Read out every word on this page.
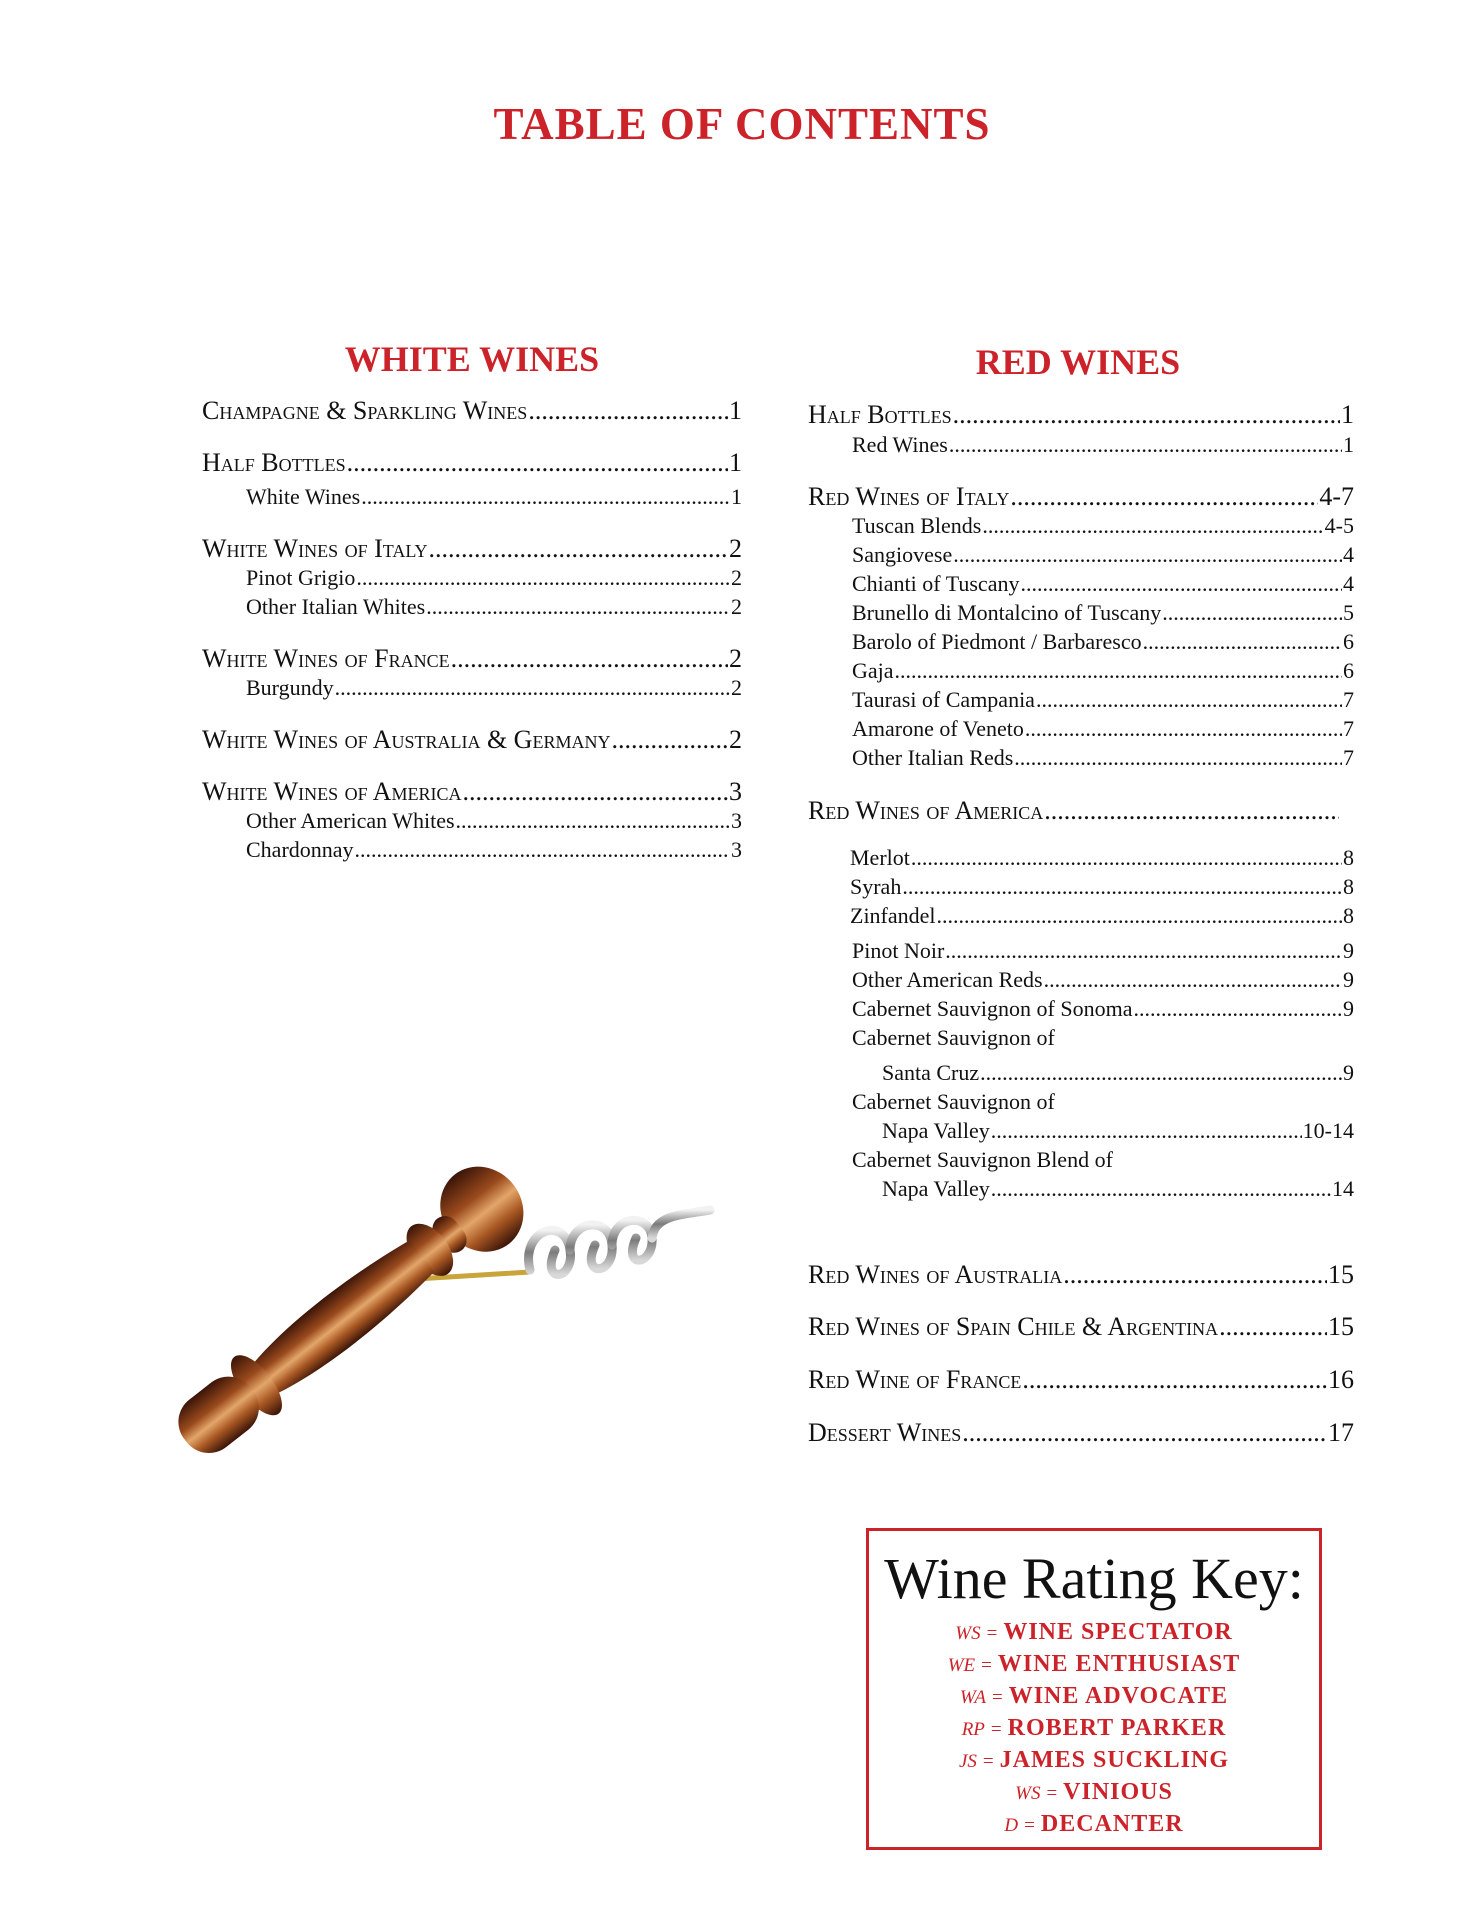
TABLE OF CONTENTS
WHITE WINES
Champagne & Sparkling Wines .....	1
Half Bottles .....	1
White Wines .....	1
White Wines of Italy .....	2
Pinot Grigio .....	2
Other Italian Whites .....	2
White Wines of France .....	2
Burgundy .....	2
White Wines of Australia & Germany .....	2
White Wines of America .....	3
Other American Whites .....	3
Chardonnay .....	3
RED WINES
Half Bottles .....	1
Red Wines .....	1
Red Wines of Italy .....	4-7
Tuscan Blends .....	4-5
Sangiovese .....	4
Chianti of Tuscany .....	4
Brunello di Montalcino of Tuscany .....	5
Barolo of Piedmont / Barbaresco .....	6
Gaja .....	6
Taurasi of Campania .....	7
Amarone of Veneto .....	7
Other Italian Reds .....	7
Red Wines of America
.....
Merlot .....	8
Syrah .....	8
Zinfandel .....	8
Pinot Noir .....	9
Other American Reds .....	9
Cabernet Sauvignon of Sonoma .....	9
Cabernet Sauvignon of
Santa Cruz .....	9
Cabernet Sauvignon of
Napa Valley .....	10-14
Cabernet Sauvignon Blend of
Napa Valley .....	14
Red Wines of Australia .....	15
Red Wines of Spain Chile & Argentina .....	15
Red Wine of France .....	16
Dessert Wines .....	17
Wine Rating Key:
WS = WINE SPECTATOR
WE = WINE ENTHUSIAST
WA = WINE ADVOCATE
RP = ROBERT PARKER
JS = JAMES SUCKLING
WS = VINIOUS
D = DECANTER
